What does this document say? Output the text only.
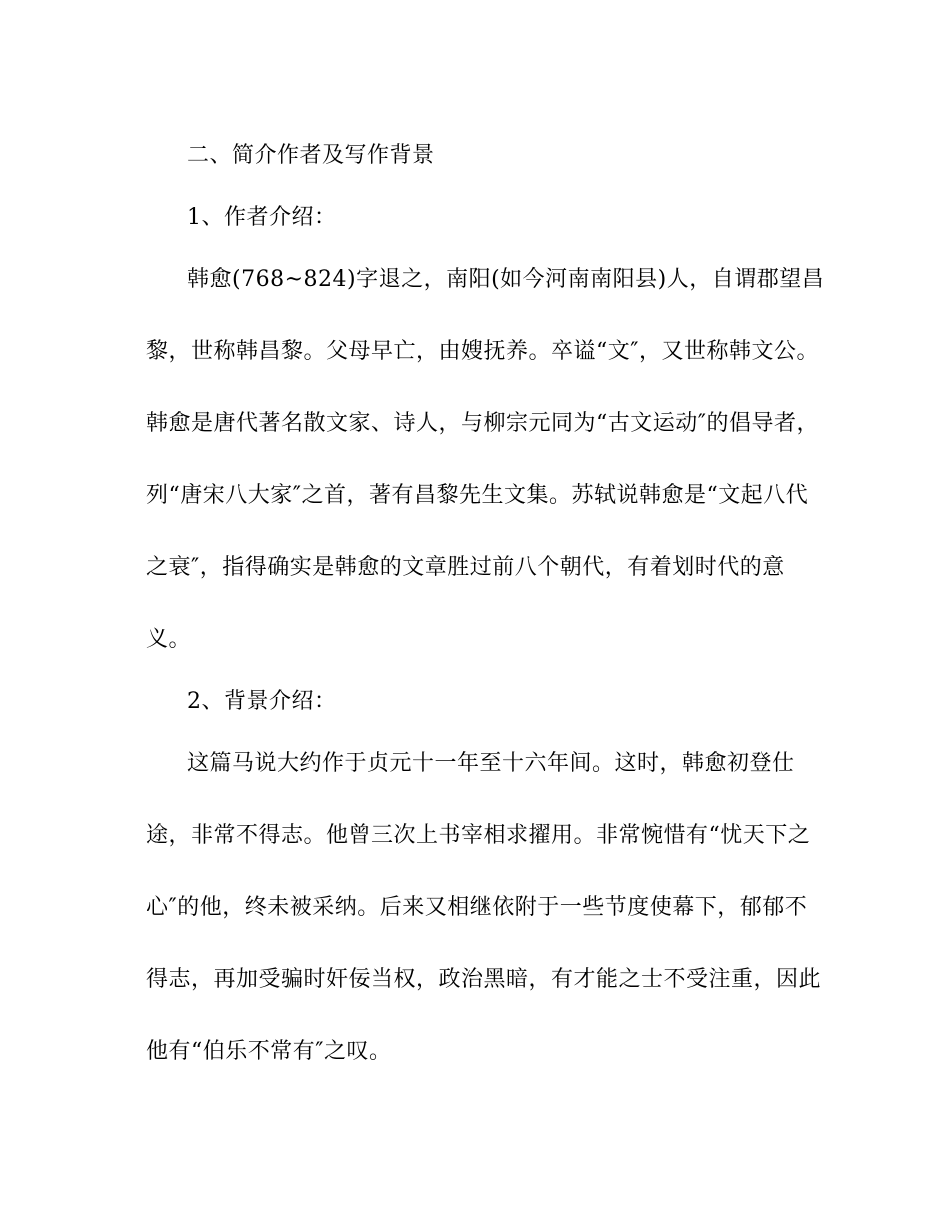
二、简介作者及写作背景
1、作者介绍：
韩愈(768~824)字退之，南阳(如今河南南阳县)人，自谓郡望昌
黎，世称韩昌黎。父母早亡，由嫂抚养。卒谥“文″，又世称韩文公。
韩愈是唐代著名散文家、诗人，与柳宗元同为“古文运动″的倡导者，
列“唐宋八大家″之首，著有昌黎先生文集。苏轼说韩愈是“文起八代
之衰″，指得确实是韩愈的文章胜过前八个朝代，有着划时代的意
义。
2、背景介绍：
这篇马说大约作于贞元十一年至十六年间。这时，韩愈初登仕
途，非常不得志。他曾三次上书宰相求擢用。非常惋惜有“忧天下之
心″的他，终未被采纳。后来又相继依附于一些节度使幕下，郁郁不
得志，再加受骗时奸佞当权，政治黑暗，有才能之士不受注重，因此
他有“伯乐不常有″之叹。
